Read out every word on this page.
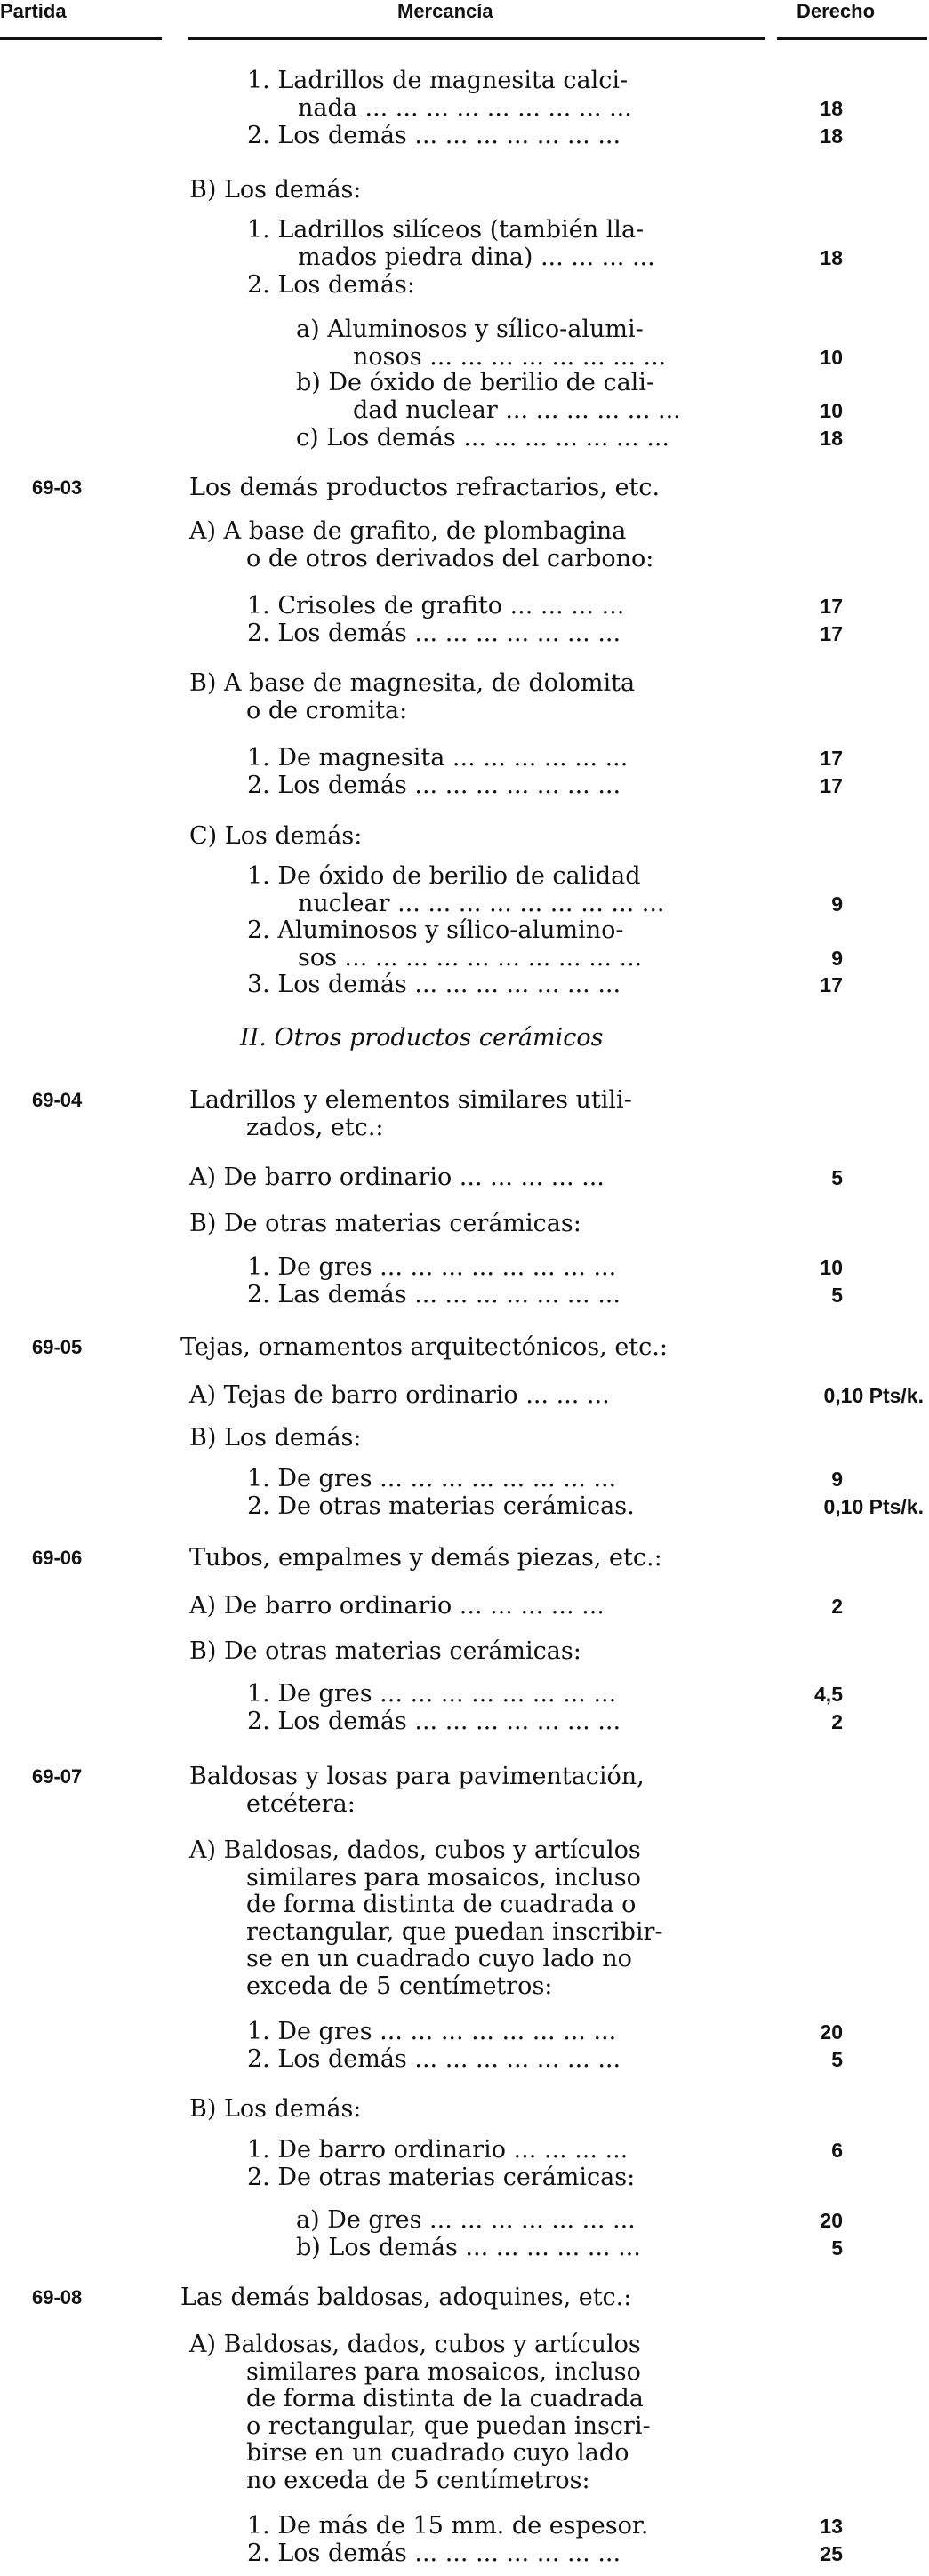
Partida	Mercancía	Derecho
1. Ladrillos de magnesita calci-
nada ... ... ... ... ... ... ... ... ...	18
2. Los demás ... ... ... ... ... ... ...	18
B) Los demás:
1. Ladrillos silíceos (también lla-
mados piedra dina) ... ... ... ...	18
2. Los demás:
a) Aluminosos y sílico-alumi-
nosos ... ... ... ... ... ... ... ...	10
b) De óxido de berilio de cali-
dad nuclear ... ... ... ... ... ...	10
c) Los demás ... ... ... ... ... ... ...	18
69-03	Los demás productos refractarios, etc.
A) A base de grafito, de plombagina
o de otros derivados del carbono:
1. Crisoles de grafito ... ... ... ...	17
2. Los demás ... ... ... ... ... ... ...	17
B) A base de magnesita, de dolomita
o de cromita:
1. De magnesita ... ... ... ... ... ...	17
2. Los demás ... ... ... ... ... ... ...	17
C) Los demás:
1. De óxido de berilio de calidad
nuclear ... ... ... ... ... ... ... ... ...	9
2. Aluminosos y sílico-alumino-
sos ... ... ... ... ... ... ... ... ... ...	9
3. Los demás ... ... ... ... ... ... ...	17
II. Otros productos cerámicos
69-04	Ladrillos y elementos similares utili-
zados, etc.:
A) De barro ordinario ... ... ... ... ...	5
B) De otras materias cerámicas:
1. De gres ... ... ... ... ... ... ... ...	10
2. Las demás ... ... ... ... ... ... ...	5
69-05	Tejas, ornamentos arquitectónicos, etc.:
A) Tejas de barro ordinario ... ... ...	0,10 Pts/k.
B) Los demás:
1. De gres ... ... ... ... ... ... ... ...	9
2. De otras materias cerámicas.	0,10 Pts/k.
69-06	Tubos, empalmes y demás piezas, etc.:
A) De barro ordinario ... ... ... ... ...	2
B) De otras materias cerámicas:
1. De gres ... ... ... ... ... ... ... ...	4,5
2. Los demás ... ... ... ... ... ... ...	2
69-07	Baldosas y losas para pavimentación,
etcétera:
A) Baldosas, dados, cubos y artículos
similares para mosaicos, incluso
de forma distinta de cuadrada o
rectangular, que puedan inscribir-
se en un cuadrado cuyo lado no
exceda de 5 centímetros:
1. De gres ... ... ... ... ... ... ... ...	20
2. Los demás ... ... ... ... ... ... ...	5
B) Los demás:
1. De barro ordinario ... ... ... ...	6
2. De otras materias cerámicas:
a) De gres ... ... ... ... ... ... ...	20
b) Los demás ... ... ... ... ... ...	5
69-08	Las demás baldosas, adoquines, etc.:
A) Baldosas, dados, cubos y artículos
similares para mosaicos, incluso
de forma distinta de la cuadrada
o rectangular, que puedan inscri-
birse en un cuadrado cuyo lado
no exceda de 5 centímetros:
1. De más de 15 mm. de espesor.	13
2. Los demás ... ... ... ... ... ... ...	25
